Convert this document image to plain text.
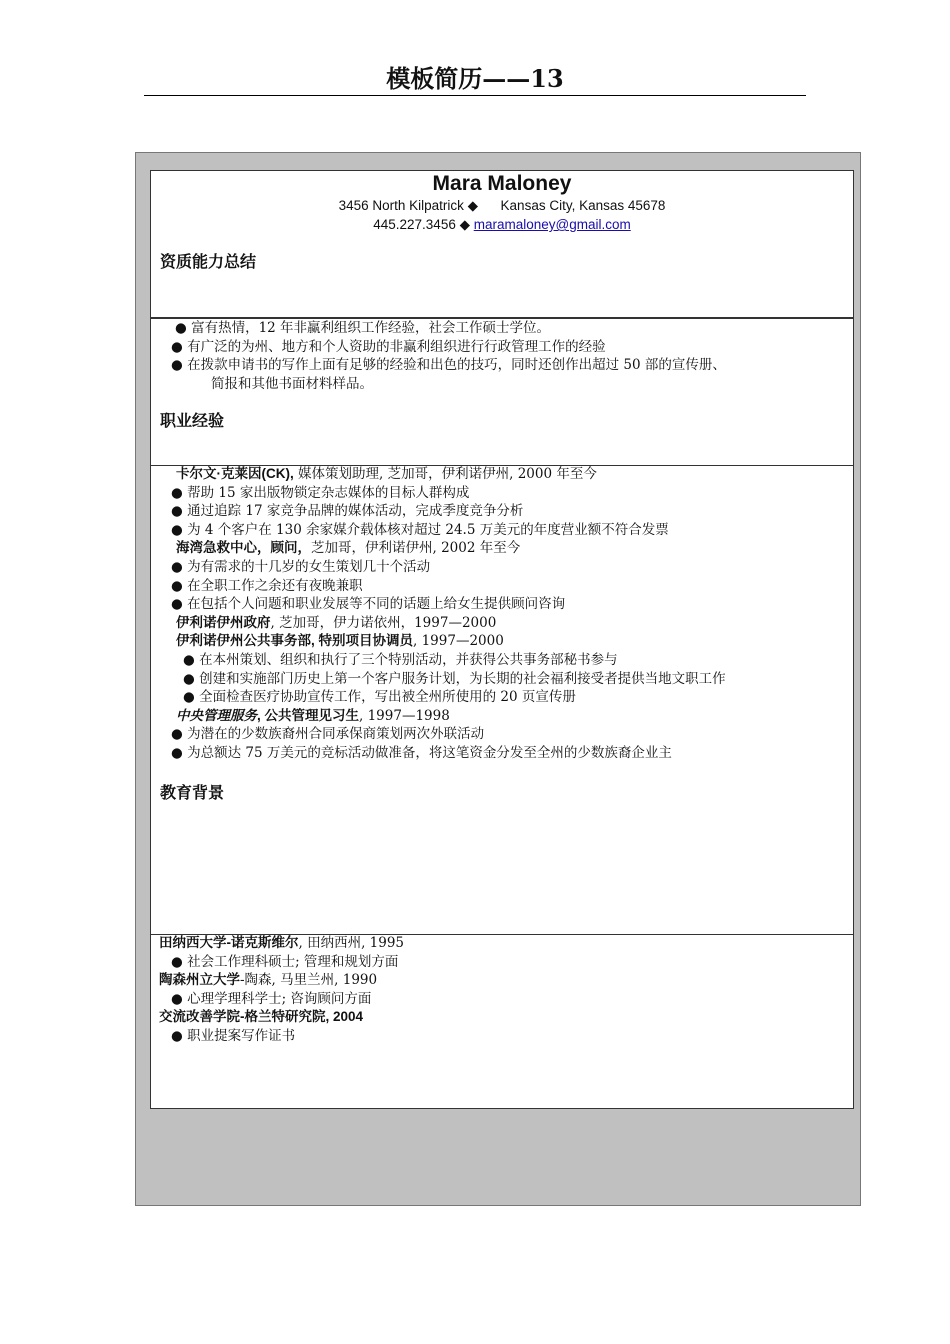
模板简历——13
Mara Maloney
3456 North Kilpatrick ◆ Kansas City, Kansas 45678
445.227.3456 ◆ maramaloney@gmail.com
资质能力总结
● 富有热情，12 年非赢利组织工作经验，社会工作硕士学位。
● 有广泛的为州、地方和个人资助的非赢利组织进行行政管理工作的经验
● 在拨款申请书的写作上面有足够的经验和出色的技巧，同时还创作出超过 50 部的宣传册、
简报和其他书面材料样品。
职业经验
卡尔文·克莱因(CK), 媒体策划助理, 芝加哥，伊利诺伊州, 2000 年至今
● 帮助 15 家出版物锁定杂志媒体的目标人群构成
● 通过追踪 17 家竞争品牌的媒体活动，完成季度竞争分析
● 为 4 个客户在 130 余家媒介载体核对超过 24.5 万美元的年度营业额不符合发票
海湾急救中心，顾问，芝加哥，伊利诺伊州, 2002 年至今
● 为有需求的十几岁的女生策划几十个活动
● 在全职工作之余还有夜晚兼职
● 在包括个人问题和职业发展等不同的话题上给女生提供顾问咨询
伊利诺伊州政府, 芝加哥，伊力诺依州，1997—2000
伊利诺伊州公共事务部, 特别项目协调员, 1997—2000
● 在本州策划、组织和执行了三个特别活动，并获得公共事务部秘书参与
● 创建和实施部门历史上第一个客户服务计划，为长期的社会福利接受者提供当地文职工作
● 全面检查医疗协助宣传工作，写出被全州所使用的 20 页宣传册
中央管理服务, 公共管理见习生, 1997—1998
● 为潜在的少数族裔州合同承保商策划两次外联活动
● 为总额达 75 万美元的竞标活动做准备，将这笔资金分发至全州的少数族裔企业主
教育背景
田纳西大学-诺克斯维尔, 田纳西州, 1995
● 社会工作理科硕士; 管理和规划方面
陶森州立大学-陶森, 马里兰州, 1990
● 心理学理科学士; 咨询顾问方面
交流改善学院-格兰特研究院, 2004
● 职业提案写作证书
